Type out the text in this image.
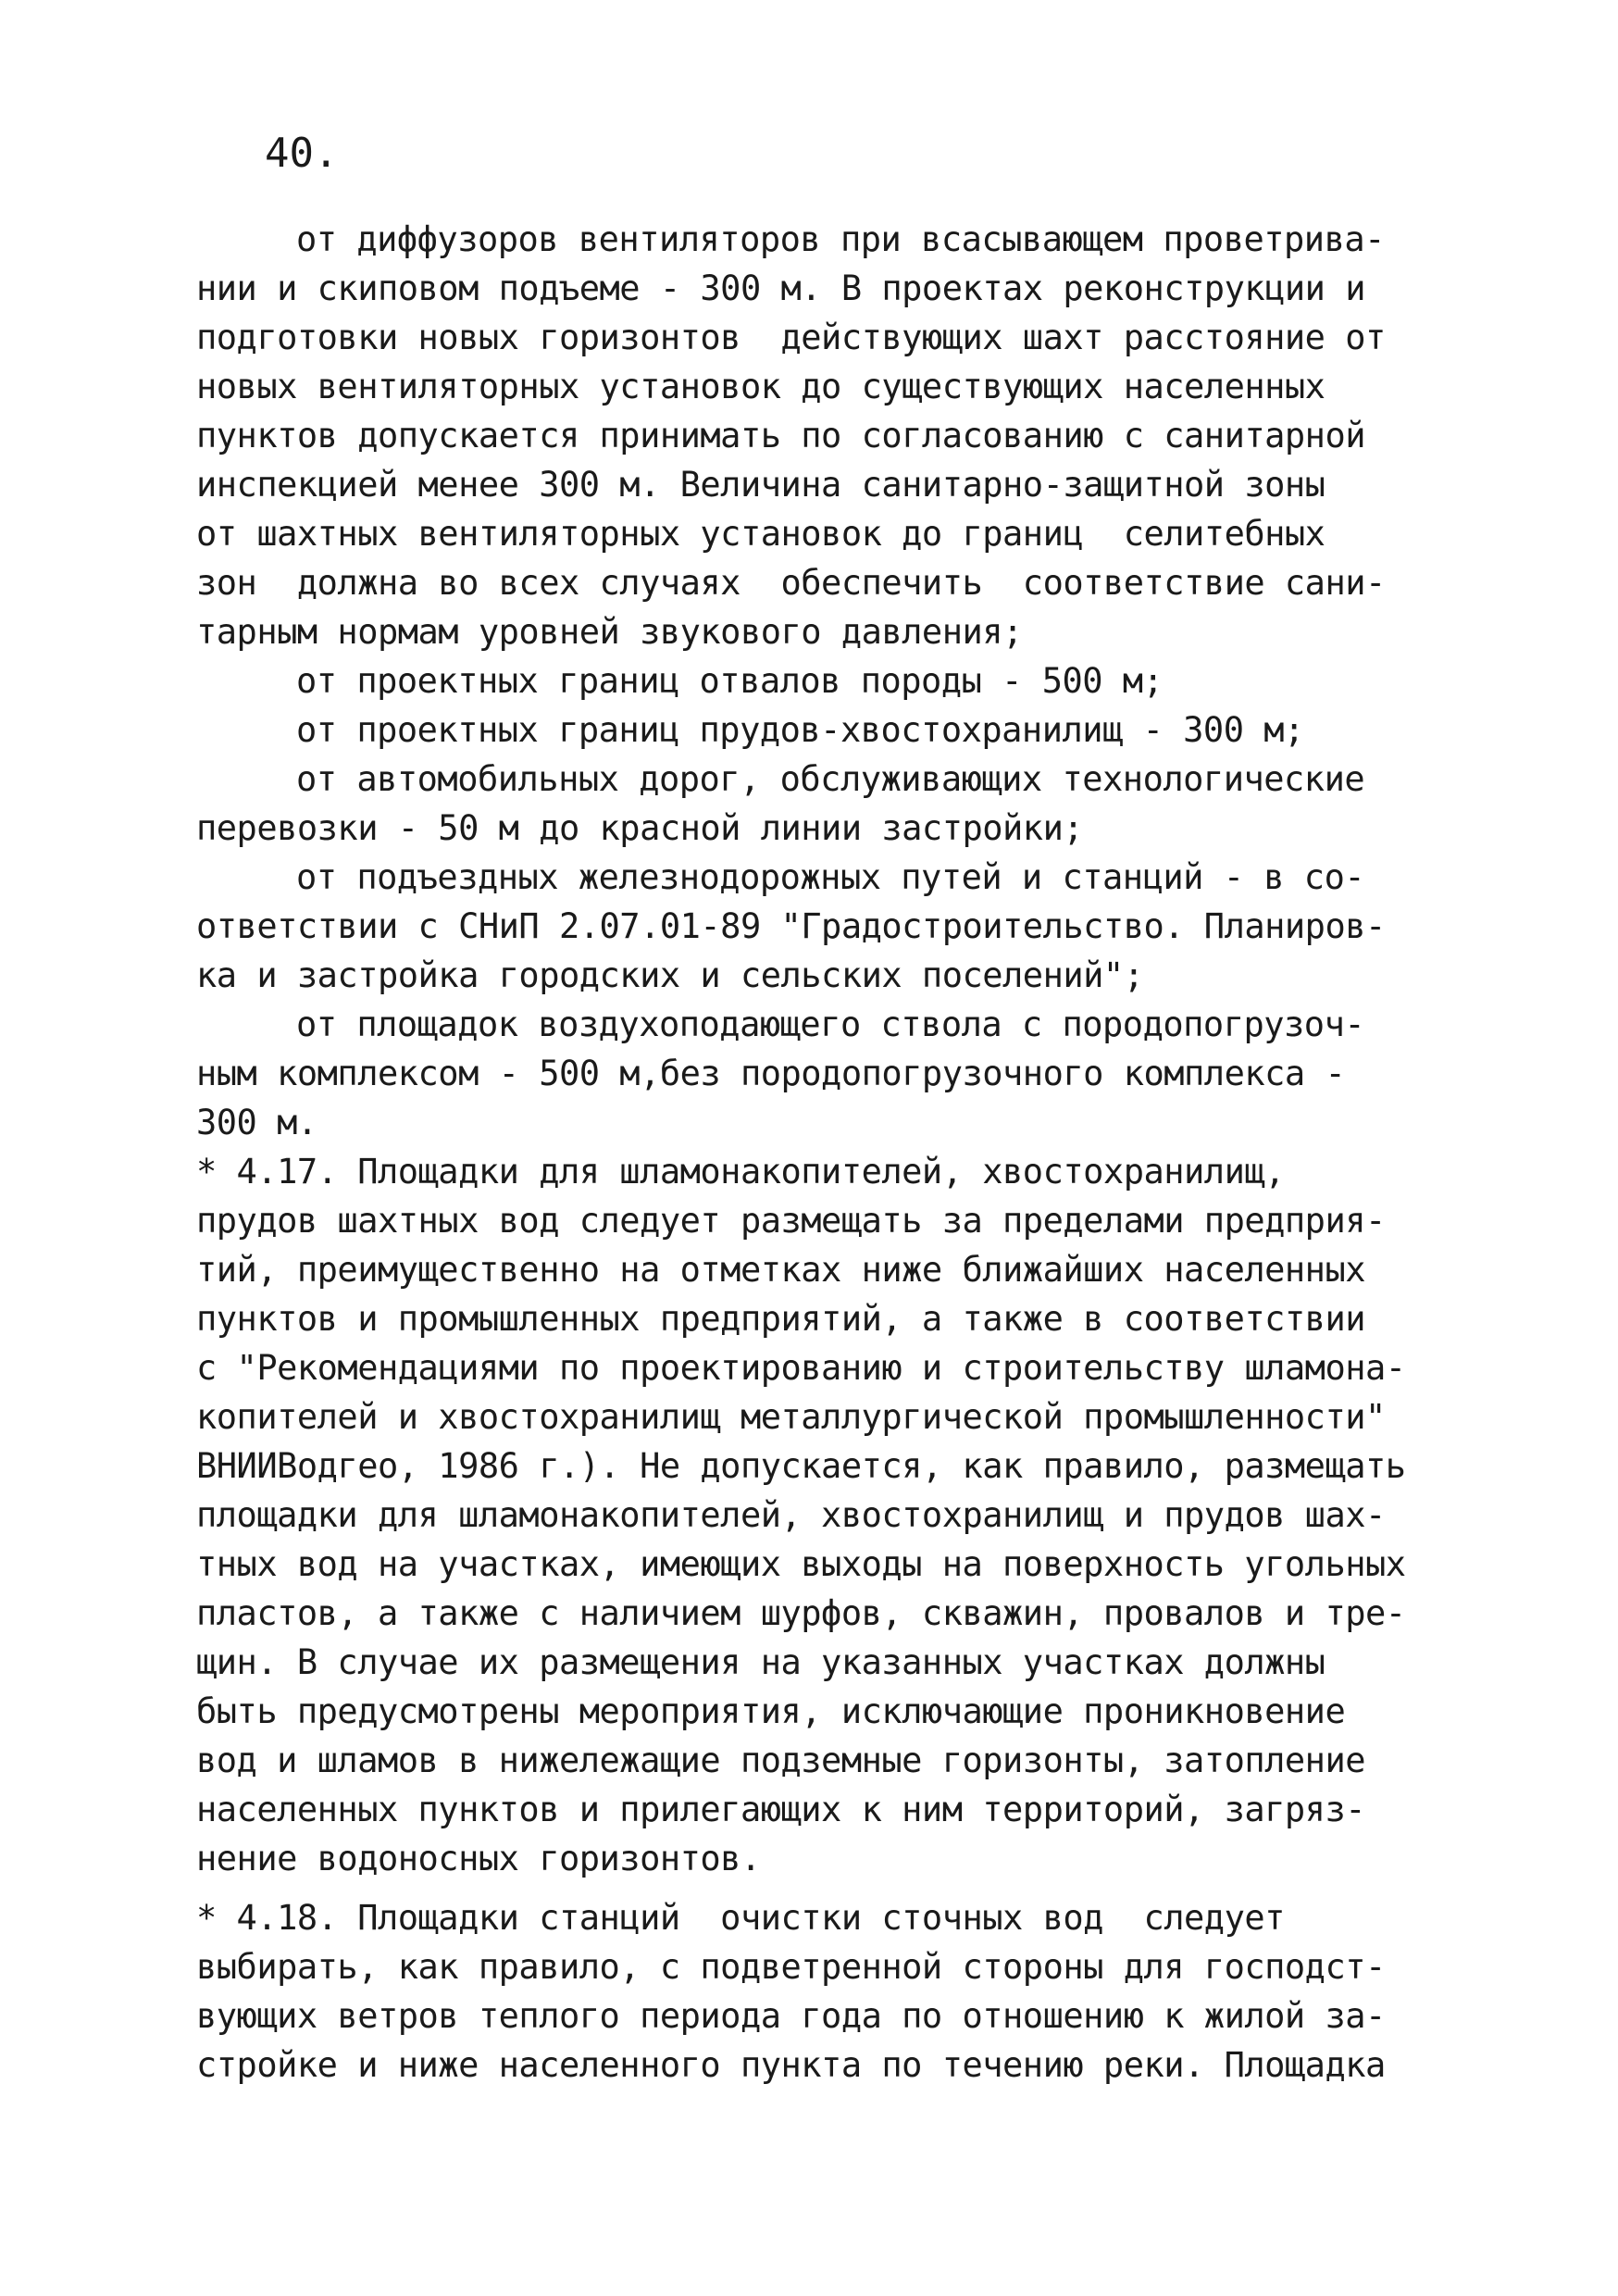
40.
от диффузоров вентиляторов при всасывающем проветрива-
нии и скиповом подъеме - 300 м. В проектах реконструкции и
подготовки новых горизонтов  действующих шахт расстояние от
новых вентиляторных установок до существующих населенных
пунктов допускается принимать по согласованию с санитарной
инспекцией менее 300 м. Величина санитарно-защитной зоны
от шахтных вентиляторных установок до границ  селитебных
зон  должна во всех случаях  обеспечить  соответствие сани-
тарным нормам уровней звукового давления;
от проектных границ отвалов породы - 500 м;
от проектных границ прудов-хвостохранилищ - 300 м;
от автомобильных дорог, обслуживающих технологические
перевозки - 50 м до красной линии застройки;
от подъездных железнодорожных путей и станций - в со-
ответствии с СНиП 2.07.01-89 "Градостроительство. Планиров-
ка и застройка городских и сельских поселений";
от площадок воздухоподающего ствола с породопогрузоч-
ным комплексом - 500 м,без породопогрузочного комплекса -
300 м.
* 4.17. Площадки для шламонакопителей, хвостохранилищ,
прудов шахтных вод следует размещать за пределами предприя-
тий, преимущественно на отметках ниже ближайших населенных
пунктов и промышленных предприятий, а также в соответствии
с "Рекомендациями по проектированию и строительству шламона-
копителей и хвостохранилищ металлургической промышленности"
ВНИИВодгео, 1986 г.). Не допускается, как правило, размещать
площадки для шламонакопителей, хвостохранилищ и прудов шах-
тных вод на участках, имеющих выходы на поверхность угольных
пластов, а также с наличием шурфов, скважин, провалов и тре-
щин. В случае их размещения на указанных участках должны
быть предусмотрены мероприятия, исключающие проникновение
вод и шламов в нижележащие подземные горизонты, затопление
населенных пунктов и прилегающих к ним территорий, загряз-
нение водоносных горизонтов.
* 4.18. Площадки станций  очистки сточных вод  следует
выбирать, как правило, с подветренной стороны для господст-
вующих ветров теплого периода года по отношению к жилой за-
стройке и ниже населенного пункта по течению реки. Площадка
